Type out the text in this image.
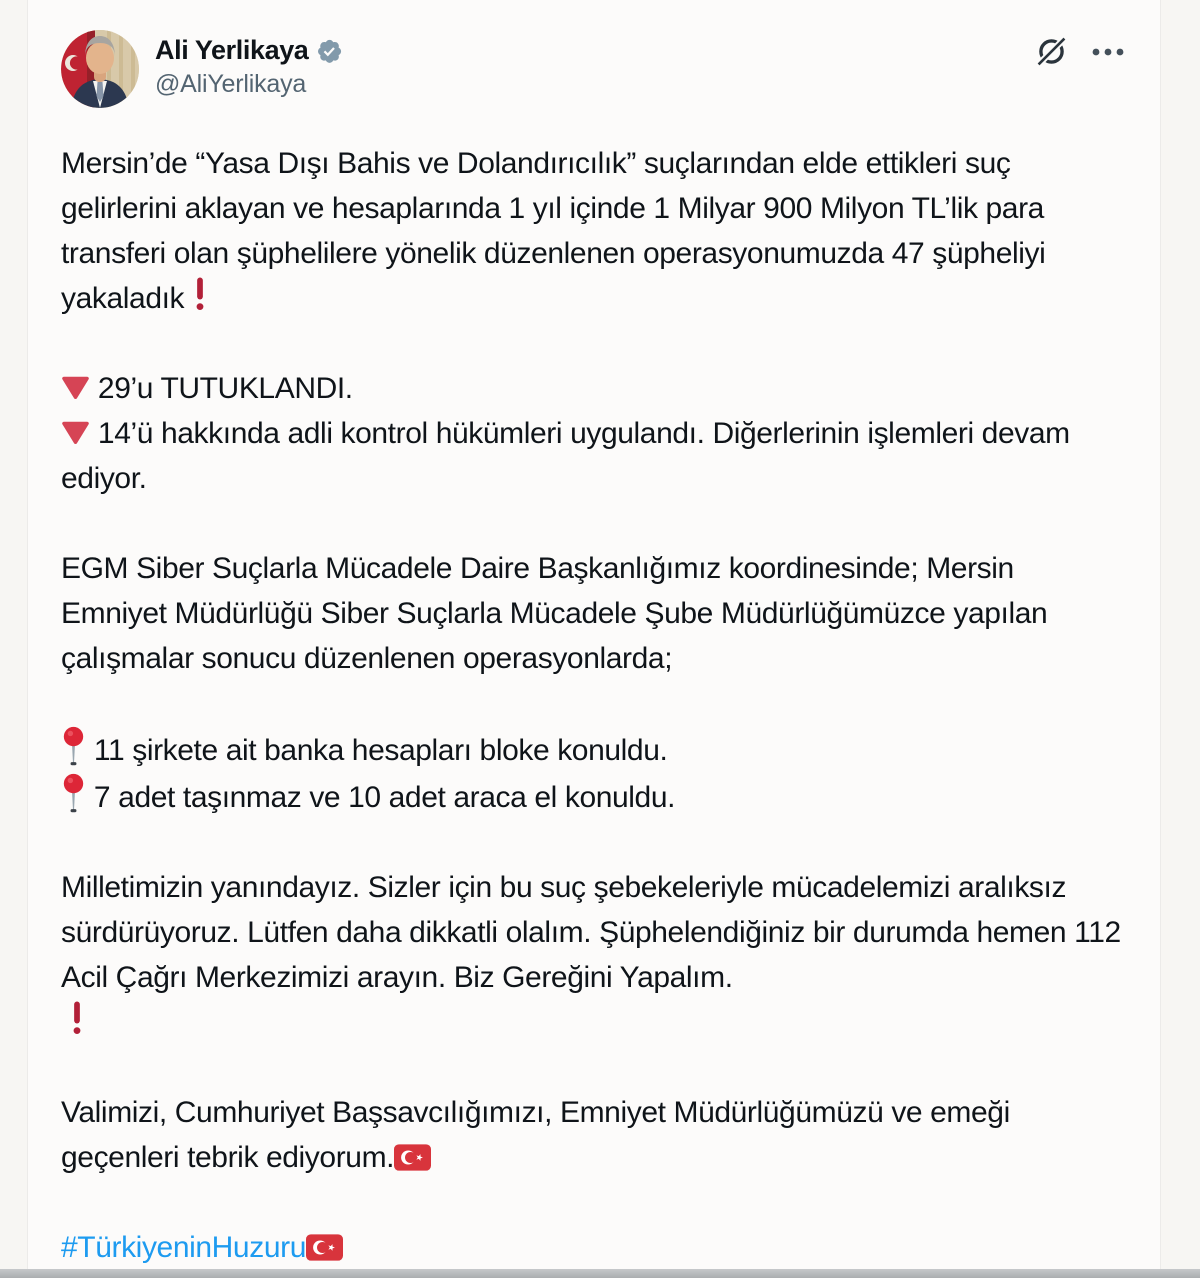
Ali Yerlikaya
@AliYerlikaya

Mersin’de “Yasa Dışı Bahis ve Dolandırıcılık” suçlarından elde ettikleri suç gelirlerini aklayan ve hesaplarında 1 yıl içinde 1 Milyar 900 Milyon TL’lik para transferi olan şüphelilere yönelik düzenlenen operasyonumuzda 47 şüpheliyi yakaladık

29’u TUTUKLANDI.
14’ü hakkında adli kontrol hükümleri uygulandı. Diğerlerinin işlemleri devam ediyor.

EGM Siber Suçlarla Mücadele Daire Başkanlığımız koordinesinde; Mersin Emniyet Müdürlüğü Siber Suçlarla Mücadele Şube Müdürlüğümüzce yapılan çalışmalar sonucu düzenlenen operasyonlarda;

11 şirkete ait banka hesapları bloke konuldu.
7 adet taşınmaz ve 10 adet araca el konuldu.

Milletimizin yanındayız. Sizler için bu suç şebekeleriyle mücadelemizi aralıksız sürdürüyoruz. Lütfen daha dikkatli olalım. Şüphelendiğiniz bir durumda hemen 112 Acil Çağrı Merkezimizi arayın. Biz Gereğini Yapalım.

Valimizi, Cumhuriyet Başsavcılığımızı, Emniyet Müdürlüğümüzü ve emeği geçenleri tebrik ediyorum.

#TürkiyeninHuzuru
